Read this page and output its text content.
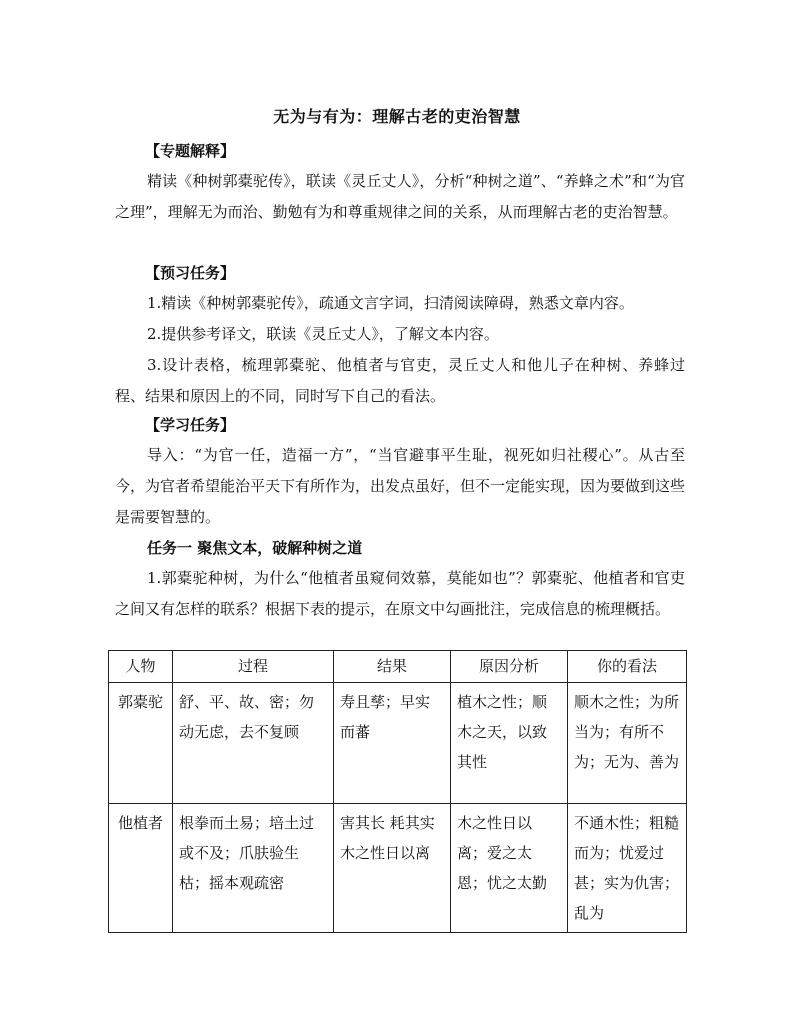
无为与有为：理解古老的吏治智慧
【专题解释】

精读《种树郭橐驼传》，联读《灵丘丈人》，分析“种树之道”、“养蜂之术”和“为官之理”，理解无为而治、勤勉有为和尊重规律之间的关系，从而理解古老的吏治智慧。

【预习任务】

1.精读《种树郭橐驼传》，疏通文言字词，扫清阅读障碍，熟悉文章内容。

2.提供参考译文，联读《灵丘丈人》，了解文本内容。

3.设计表格，梳理郭橐驼、他植者与官吏，灵丘丈人和他儿子在种树、养蜂过程、结果和原因上的不同，同时写下自己的看法。

【学习任务】

导入：“为官一任，造福一方”，“当官避事平生耻，视死如归社稷心”。从古至今，为官者希望能治平天下有所作为，出发点虽好，但不一定能实现，因为要做到这些是需要智慧的。

任务一 聚焦文本，破解种树之道

1.郭橐驼种树，为什么“他植者虽窥伺效慕，莫能如也”？郭橐驼、他植者和官吏之间又有怎样的联系？根据下表的提示，在原文中勾画批注，完成信息的梳理概括。

人物	过程	结果	原因分析	你的看法
郭橐驼	舒、平、故、密；勿动无虑，去不复顾	寿且孳；早实而蕃	植木之性；顺木之天，以致其性	顺木之性；为所当为；有所不为；无为、善为
他植者	根拳而土易；培土过或不及；爪肤验生枯；摇本观疏密	害其长 耗其实木之性日以离	木之性日以离；爱之太恩；忧之太勤	不通木性；粗糙而为；忧爱过甚；实为仇害；乱为
